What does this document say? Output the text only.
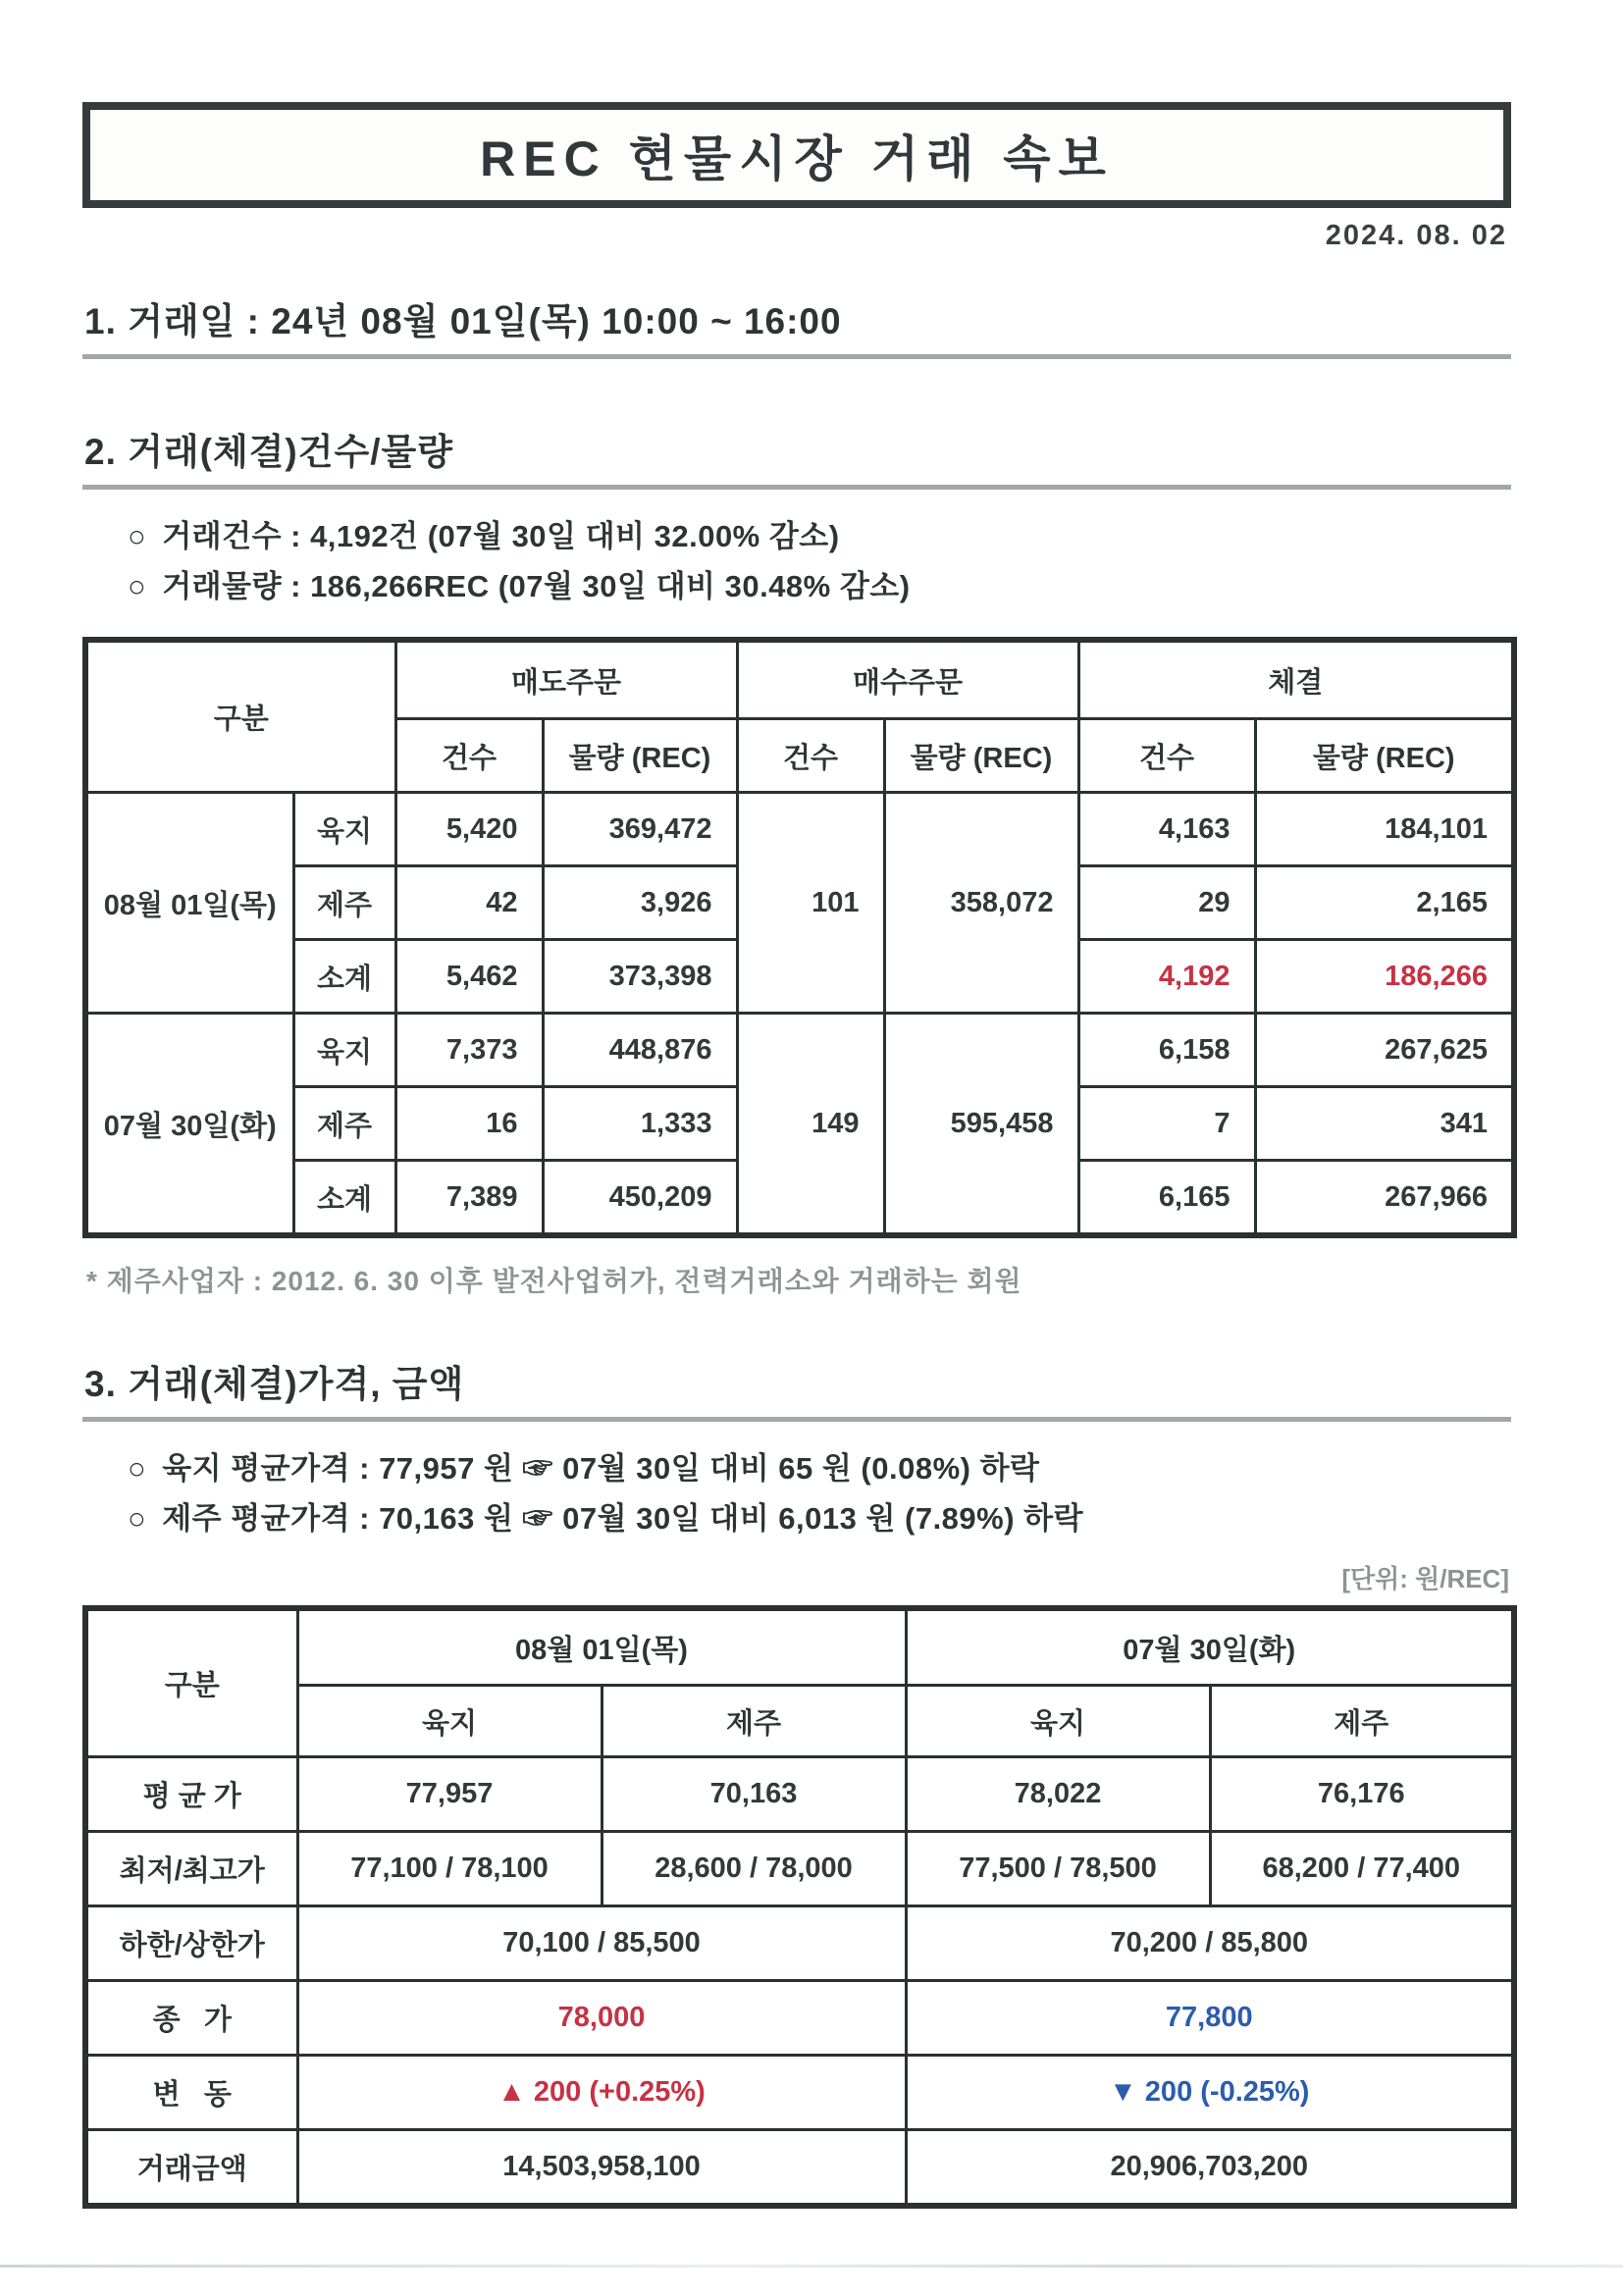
REC 현물시장 거래 속보
2024. 08. 02
1. 거래일 : 24년 08월 01일(목) 10:00 ~ 16:00
2. 거래(체결)건수/물량
○ 거래건수 : 4,192건 (07월 30일 대비 32.00% 감소)
○ 거래물량 : 186,266REC (07월 30일 대비 30.48% 감소)
구분		매도주문		매수주문		체결	
		건수	물량 (REC)	건수	물량 (REC)	건수	물량 (REC)
08월 01일(목)	육지	5,420	369,472	101	358,072	4,163	184,101
	제주	42	3,926			29	2,165
	소계	5,462	373,398			4,192	186,266
07월 30일(화)	육지	7,373	448,876	149	595,458	6,158	267,625
	제주	16	1,333			7	341
	소계	7,389	450,209			6,165	267,966
* 제주사업자 : 2012. 6. 30 이후 발전사업허가, 전력거래소와 거래하는 회원
3. 거래(체결)가격, 금액
○ 육지 평균가격 : 77,957 원 ☞ 07월 30일 대비 65 원 (0.08%) 하락
○ 제주 평균가격 : 70,163 원 ☞ 07월 30일 대비 6,013 원 (7.89%) 하락
[단위: 원/REC]
구분	08월 01일(목)		07월 30일(화)	
	육지	제주	육지	제주
평 균 가	77,957	70,163	78,022	76,176
최저/최고가	77,100 / 78,100	28,600 / 78,000	77,500 / 78,500	68,200 / 77,400
하한/상한가	70,100 / 85,500		70,200 / 85,800	
종   가	78,000		77,800	
변   동	▲ 200 (+0.25%)		▼ 200 (-0.25%)	
거래금액	14,503,958,100		20,906,703,200	
